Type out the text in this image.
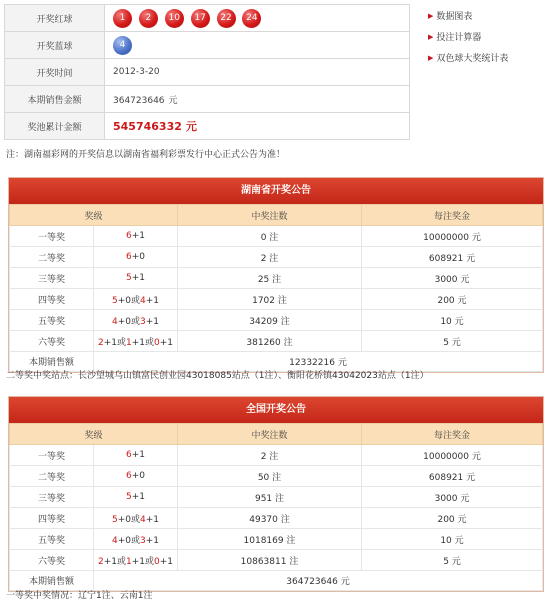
开奖红球	1 2 10 17 22 24
开奖蓝球	4
开奖时间	2012-3-20
本期销售金额	364723646 元
奖池累计金额	545746332 元
▶ 数据图表
▶ 投注计算器
▶ 双色球大奖统计表
注：湖南福彩网的开奖信息以湖南省福利彩票发行中心正式公告为准！
湖南省开奖公告
奖级		中奖注数	每注奖金
一等奖	6+1	0 注	10000000 元
二等奖	6+0	2 注	608921 元
三等奖	5+1	25 注	3000 元
四等奖	5+0或4+1	1702 注	200 元
五等奖	4+0或3+1	34209 注	10 元
六等奖	2+1或1+1或0+1	381260 注	5 元
本期销售额	12332216 元		
二等奖中奖站点：长沙望城乌山镇富民创业园43018085站点（1注）、衡阳花桥镇43042023站点（1注）
全国开奖公告
奖级		中奖注数	每注奖金
一等奖	6+1	2 注	10000000 元
二等奖	6+0	50 注	608921 元
三等奖	5+1	951 注	3000 元
四等奖	5+0或4+1	49370 注	200 元
五等奖	4+0或3+1	1018169 注	10 元
六等奖	2+1或1+1或0+1	10863811 注	5 元
本期销售额	364723646 元		
一等奖中奖情况：辽宁1注、云南1注
